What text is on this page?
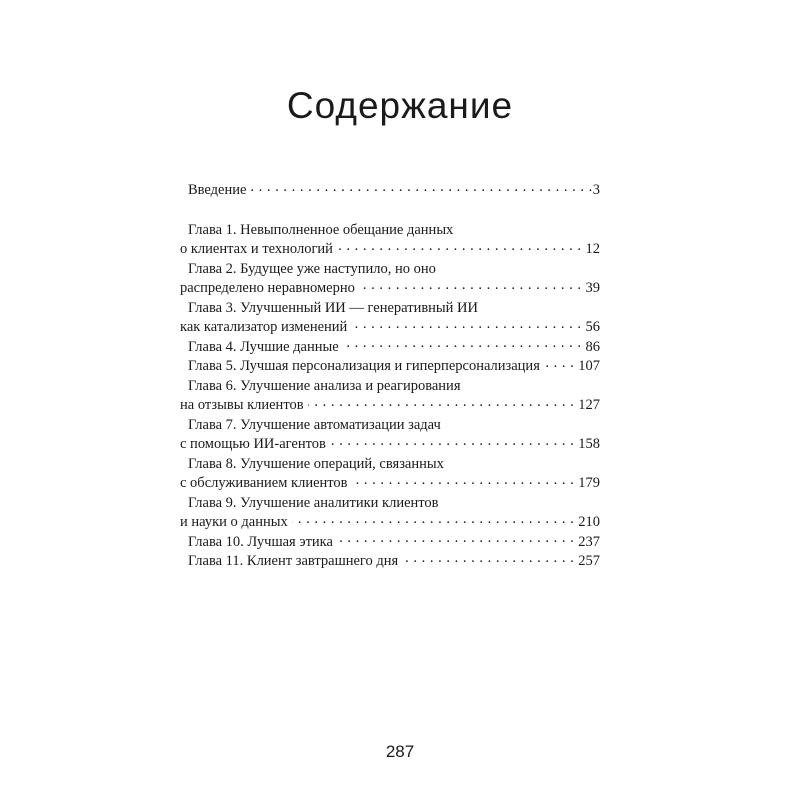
Содержание
Введение . . .	3
Глава 1. Невыполненное обещание данных
о клиентах и технологий . . .	12
Глава 2. Будущее уже наступило, но оно
распределено неравномерно . . .	39
Глава 3. Улучшенный ИИ — генеративный ИИ
как катализатор изменений . . .	56
Глава 4. Лучшие данные . . .	86
Глава 5. Лучшая персонализация и гиперперсонализация . . .	107
Глава 6. Улучшение анализа и реагирования
на отзывы клиентов . . .	127
Глава 7. Улучшение автоматизации задач
с помощью ИИ-агентов . . .	158
Глава 8. Улучшение операций, связанных
с обслуживанием клиентов . . .	179
Глава 9. Улучшение аналитики клиентов
и науки о данных . . .	210
Глава 10. Лучшая этика . . .	237
Глава 11. Клиент завтрашнего дня . . .	257
287
